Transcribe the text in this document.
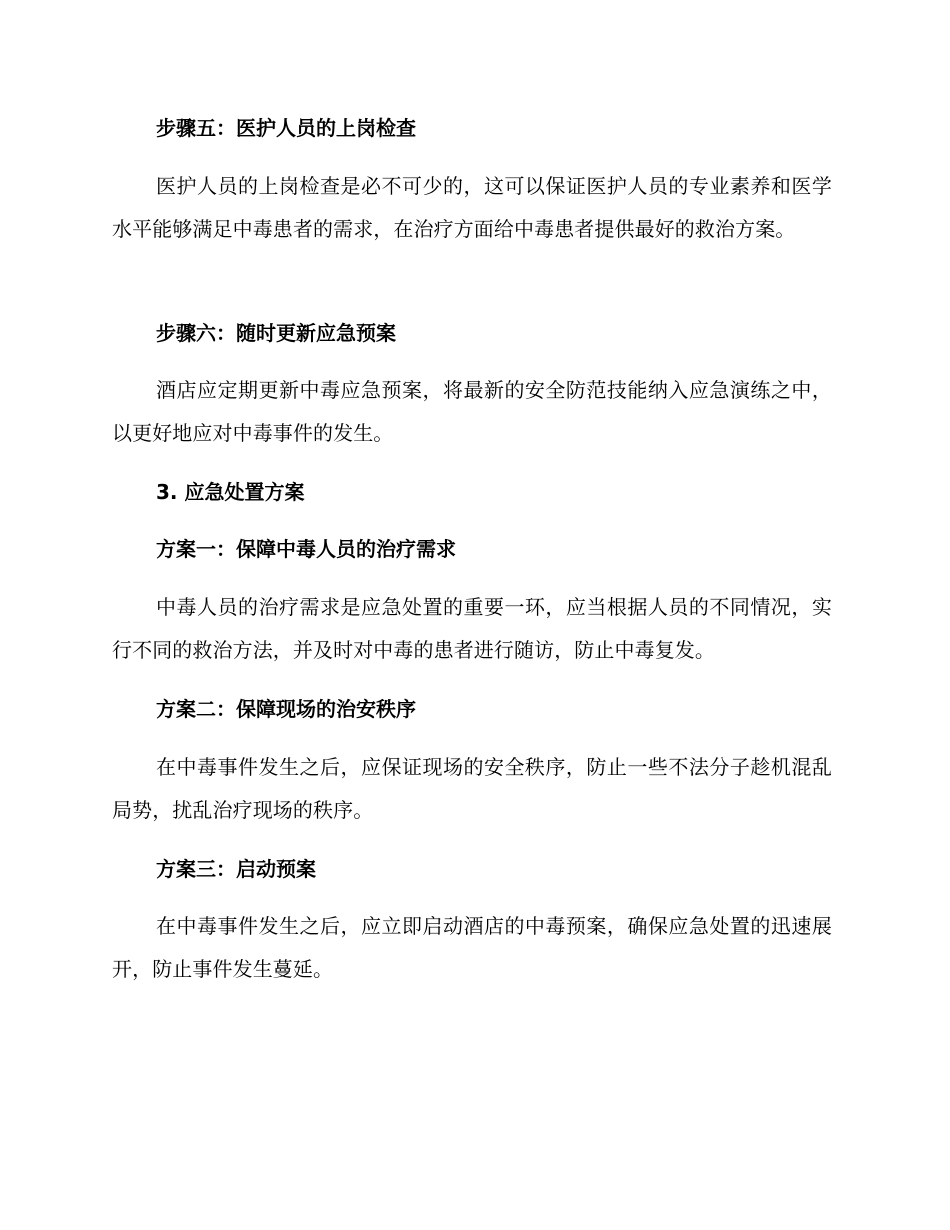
步骤五：医护人员的上岗检查

医护人员的上岗检查是必不可少的，这可以保证医护人员的专业素养和医学水平能够满足中毒患者的需求，在治疗方面给中毒患者提供最好的救治方案。

步骤六：随时更新应急预案

酒店应定期更新中毒应急预案，将最新的安全防范技能纳入应急演练之中，以更好地应对中毒事件的发生。

3. 应急处置方案

方案一：保障中毒人员的治疗需求

中毒人员的治疗需求是应急处置的重要一环，应当根据人员的不同情况，实行不同的救治方法，并及时对中毒的患者进行随访，防止中毒复发。

方案二：保障现场的治安秩序

在中毒事件发生之后，应保证现场的安全秩序，防止一些不法分子趁机混乱局势，扰乱治疗现场的秩序。

方案三：启动预案

在中毒事件发生之后，应立即启动酒店的中毒预案，确保应急处置的迅速展开，防止事件发生蔓延。
